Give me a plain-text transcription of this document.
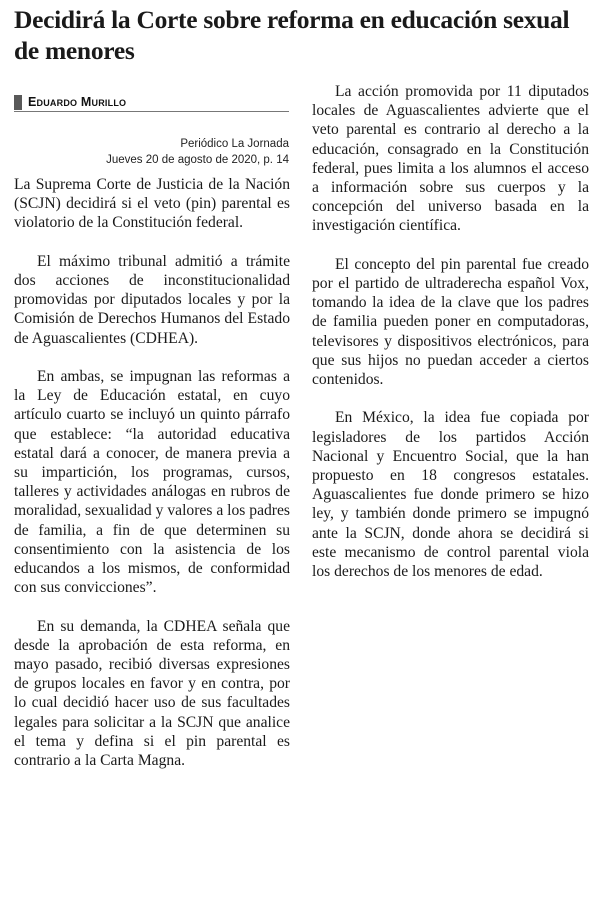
Decidirá la Corte sobre reforma en educación sexual de menores
Eduardo Murillo
Periódico La Jornada
Jueves 20 de agosto de 2020, p. 14

La Suprema Corte de Justicia de la Nación (SCJN) decidirá si el veto (pin) parental es violatorio de la Constitución federal.

El máximo tribunal admitió a trámite dos acciones de inconstitucionalidad promovidas por diputados locales y por la Comisión de Derechos Humanos del Estado de Aguascalientes (CDHEA).

En ambas, se impugnan las reformas a la Ley de Educación estatal, en cuyo artículo cuarto se incluyó un quinto párrafo que establece: “la autoridad educativa estatal dará a conocer, de manera previa a su impartición, los programas, cursos, talleres y actividades análogas en rubros de moralidad, sexualidad y valores a los padres de familia, a fin de que determinen su consentimiento con la asistencia de los educandos a los mismos, de conformidad con sus convicciones”.

En su demanda, la CDHEA señala que desde la aprobación de esta reforma, en mayo pasado, recibió diversas expresiones de grupos locales en favor y en contra, por lo cual decidió hacer uso de sus facultades legales para solicitar a la SCJN que analice el tema y defina si el pin parental es contrario a la Carta Magna.

La acción promovida por 11 diputados locales de Aguascalientes advierte que el veto parental es contrario al derecho a la educación, consagrado en la Constitución federal, pues limita a los alumnos el acceso a información sobre sus cuerpos y la concepción del universo basada en la investigación científica.

El concepto del pin parental fue creado por el partido de ultraderecha español Vox, tomando la idea de la clave que los padres de familia pueden poner en computadoras, televisores y dispositivos electrónicos, para que sus hijos no puedan acceder a ciertos contenidos.

En México, la idea fue copiada por legisladores de los partidos Acción Nacional y Encuentro Social, que la han propuesto en 18 congresos estatales. Aguascalientes fue donde primero se hizo ley, y también donde primero se impugnó ante la SCJN, donde ahora se decidirá si este mecanismo de control parental viola los derechos de los menores de edad.
